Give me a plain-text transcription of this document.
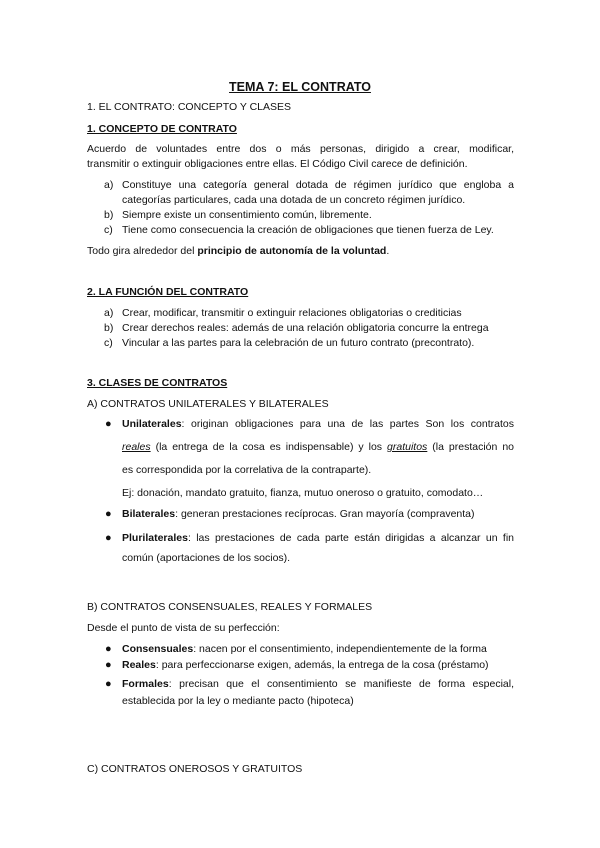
TEMA 7: EL CONTRATO
1. EL CONTRATO: CONCEPTO Y CLASES
1. CONCEPTO DE CONTRATO
Acuerdo de voluntades entre dos o más personas, dirigido a crear, modificar,
transmitir o extinguir obligaciones entre ellas. El Código Civil carece de definición.
a) Constituye una categoría general dotada de régimen jurídico que engloba a
categorías particulares, cada una dotada de un concreto régimen jurídico.
b) Siempre existe un consentimiento común, libremente.
c) Tiene como consecuencia la creación de obligaciones que tienen fuerza de Ley.
Todo gira alrededor del principio de autonomía de la voluntad.
2. LA FUNCIÓN DEL CONTRATO
a) Crear, modificar, transmitir o extinguir relaciones obligatorias o crediticias
b) Crear derechos reales: además de una relación obligatoria concurre la entrega
c) Vincular a las partes para la celebración de un futuro contrato (precontrato).
3. CLASES DE CONTRATOS
A) CONTRATOS UNILATERALES Y BILATERALES
● Unilaterales: originan obligaciones para una de las partes Son los contratos
reales (la entrega de la cosa es indispensable) y los gratuitos (la prestación no
es correspondida por la correlativa de la contraparte).
Ej: donación, mandato gratuito, fianza, mutuo oneroso o gratuito, comodato…
● Bilaterales: generan prestaciones recíprocas. Gran mayoría (compraventa)
● Plurilaterales: las prestaciones de cada parte están dirigidas a alcanzar un fin
común (aportaciones de los socios).
B) CONTRATOS CONSENSUALES, REALES Y FORMALES
Desde el punto de vista de su perfección:
● Consensuales: nacen por el consentimiento, independientemente de la forma
● Reales: para perfeccionarse exigen, además, la entrega de la cosa (préstamo)
● Formales: precisan que el consentimiento se manifieste de forma especial,
establecida por la ley o mediante pacto (hipoteca)
C) CONTRATOS ONEROSOS Y GRATUITOS
